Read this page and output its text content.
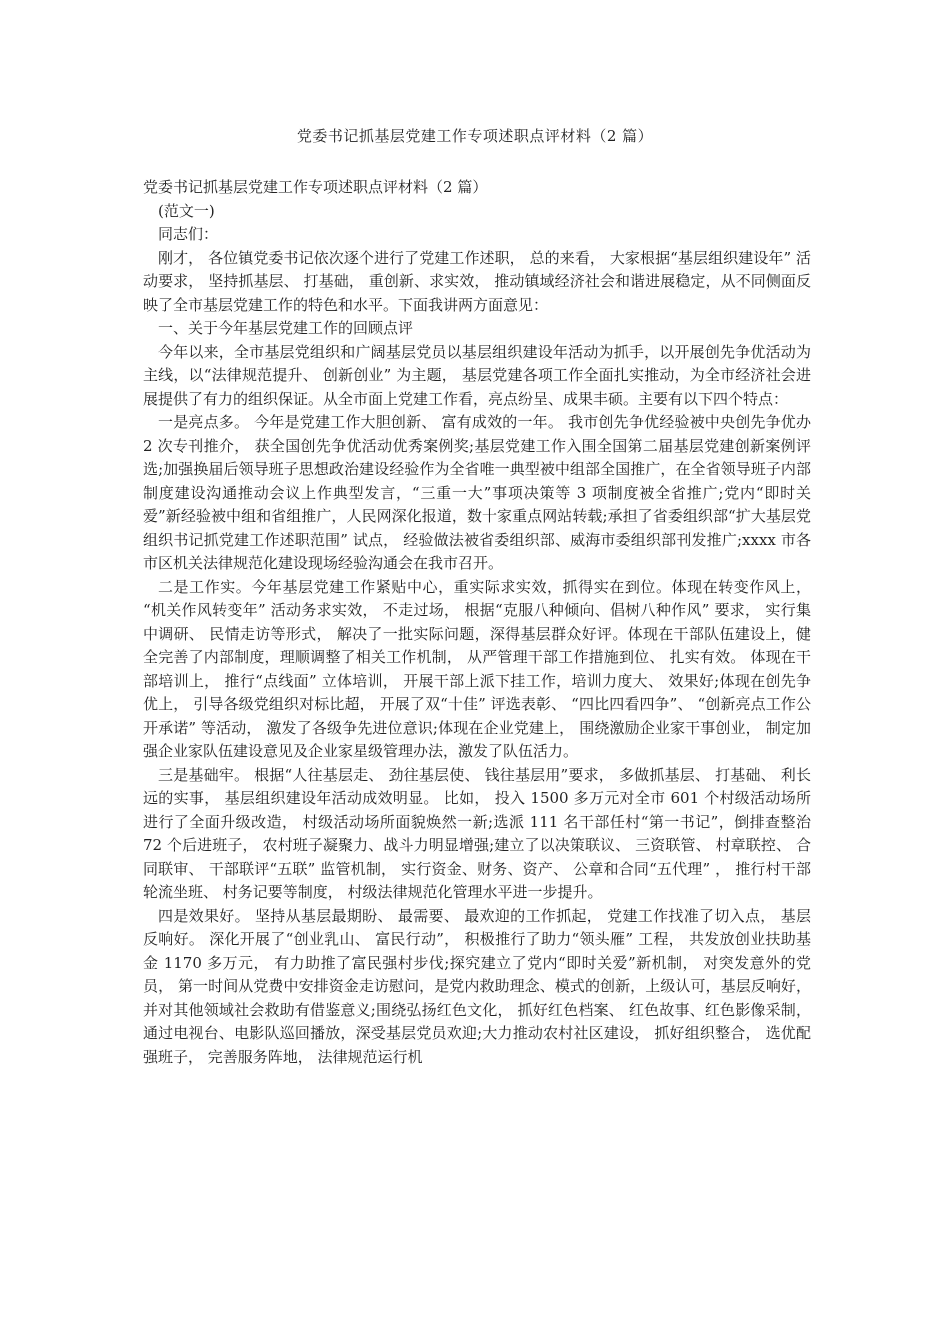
党委书记抓基层党建工作专项述职点评材料（2 篇）

党委书记抓基层党建工作专项述职点评材料（2 篇）

(范文一)

同志们：

刚才， 各位镇党委书记依次逐个进行了党建工作述职， 总的来看， 大家根据“基层组织建设年” 活动要求， 坚持抓基层、 打基础， 重创新、求实效， 推动镇域经济社会和谐进展稳定，从不同侧面反映了全市基层党建工作的特色和水平。下面我讲两方面意见：

一、关于今年基层党建工作的回顾点评

今年以来，全市基层党组织和广阔基层党员以基层组织建设年活动为抓手，以开展创先争优活动为主线，以“法律规范提升、 创新创业” 为主题， 基层党建各项工作全面扎实推动，为全市经济社会进展提供了有力的组织保证。从全市面上党建工作看，亮点纷呈、成果丰硕。主要有以下四个特点：

一是亮点多。 今年是党建工作大胆创新、 富有成效的一年。 我市创先争优经验被中央创先争优办 2 次专刊推介， 获全国创先争优活动优秀案例奖;基层党建工作入围全国第二届基层党建创新案例评选;加强换届后领导班子思想政治建设经验作为全省唯一典型被中组部全国推广，在全省领导班子内部制度建设沟通推动会议上作典型发言，“三重一大”事项决策等 3 项制度被全省推广;党内“即时关爱”新经验被中组和省组推广，人民网深化报道，数十家重点网站转载;承担了省委组织部“扩大基层党组织书记抓党建工作述职范围” 试点， 经验做法被省委组织部、威海市委组织部刊发推广;xxxx 市各市区机关法律规范化建设现场经验沟通会在我市召开。

二是工作实。今年基层党建工作紧贴中心，重实际求实效，抓得实在到位。体现在转变作风上， “机关作风转变年” 活动务求实效， 不走过场， 根据“克服八种倾向、倡树八种作风” 要求， 实行集中调研、 民情走访等形式， 解决了一批实际问题，深得基层群众好评。体现在干部队伍建设上，健全完善了内部制度，理顺调整了相关工作机制， 从严管理干部工作措施到位、 扎实有效。 体现在干部培训上， 推行“点线面” 立体培训， 开展干部上派下挂工作，培训力度大、 效果好;体现在创先争优上， 引导各级党组织对标比超， 开展了双“十佳” 评选表彰、 “四比四看四争”、 “创新亮点工作公开承诺” 等活动， 激发了各级争先进位意识;体现在企业党建上， 围绕激励企业家干事创业， 制定加强企业家队伍建设意见及企业家星级管理办法，激发了队伍活力。

三是基础牢。 根据“人往基层走、 劲往基层使、 钱往基层用”要求， 多做抓基层、 打基础、 利长远的实事， 基层组织建设年活动成效明显。 比如， 投入 1500 多万元对全市 601 个村级活动场所进行了全面升级改造， 村级活动场所面貌焕然一新;选派 111 名干部任村“第一书记”，倒排查整治 72 个后进班子， 农村班子凝聚力、战斗力明显增强;建立了以决策联议、 三资联管、 村章联控、 合同联审、 干部联评“五联” 监管机制， 实行资金、财务、资产、 公章和合同“五代理” ， 推行村干部轮流坐班、 村务记要等制度， 村级法律规范化管理水平进一步提升。

四是效果好。 坚持从基层最期盼、 最需要、 最欢迎的工作抓起， 党建工作找准了切入点， 基层反响好。 深化开展了“创业乳山、 富民行动”， 积极推行了助力“领头雁” 工程， 共发放创业扶助基金 1170 多万元， 有力助推了富民强村步伐;探究建立了党内“即时关爱”新机制， 对突发意外的党员， 第一时间从党费中安排资金走访慰问，是党内救助理念、模式的创新，上级认可，基层反响好，并对其他领域社会救助有借鉴意义;围绕弘扬红色文化， 抓好红色档案、 红色故事、红色影像采制，通过电视台、电影队巡回播放，深受基层党员欢迎;大力推动农村社区建设， 抓好组织整合， 选优配强班子， 完善服务阵地， 法律规范运行机
